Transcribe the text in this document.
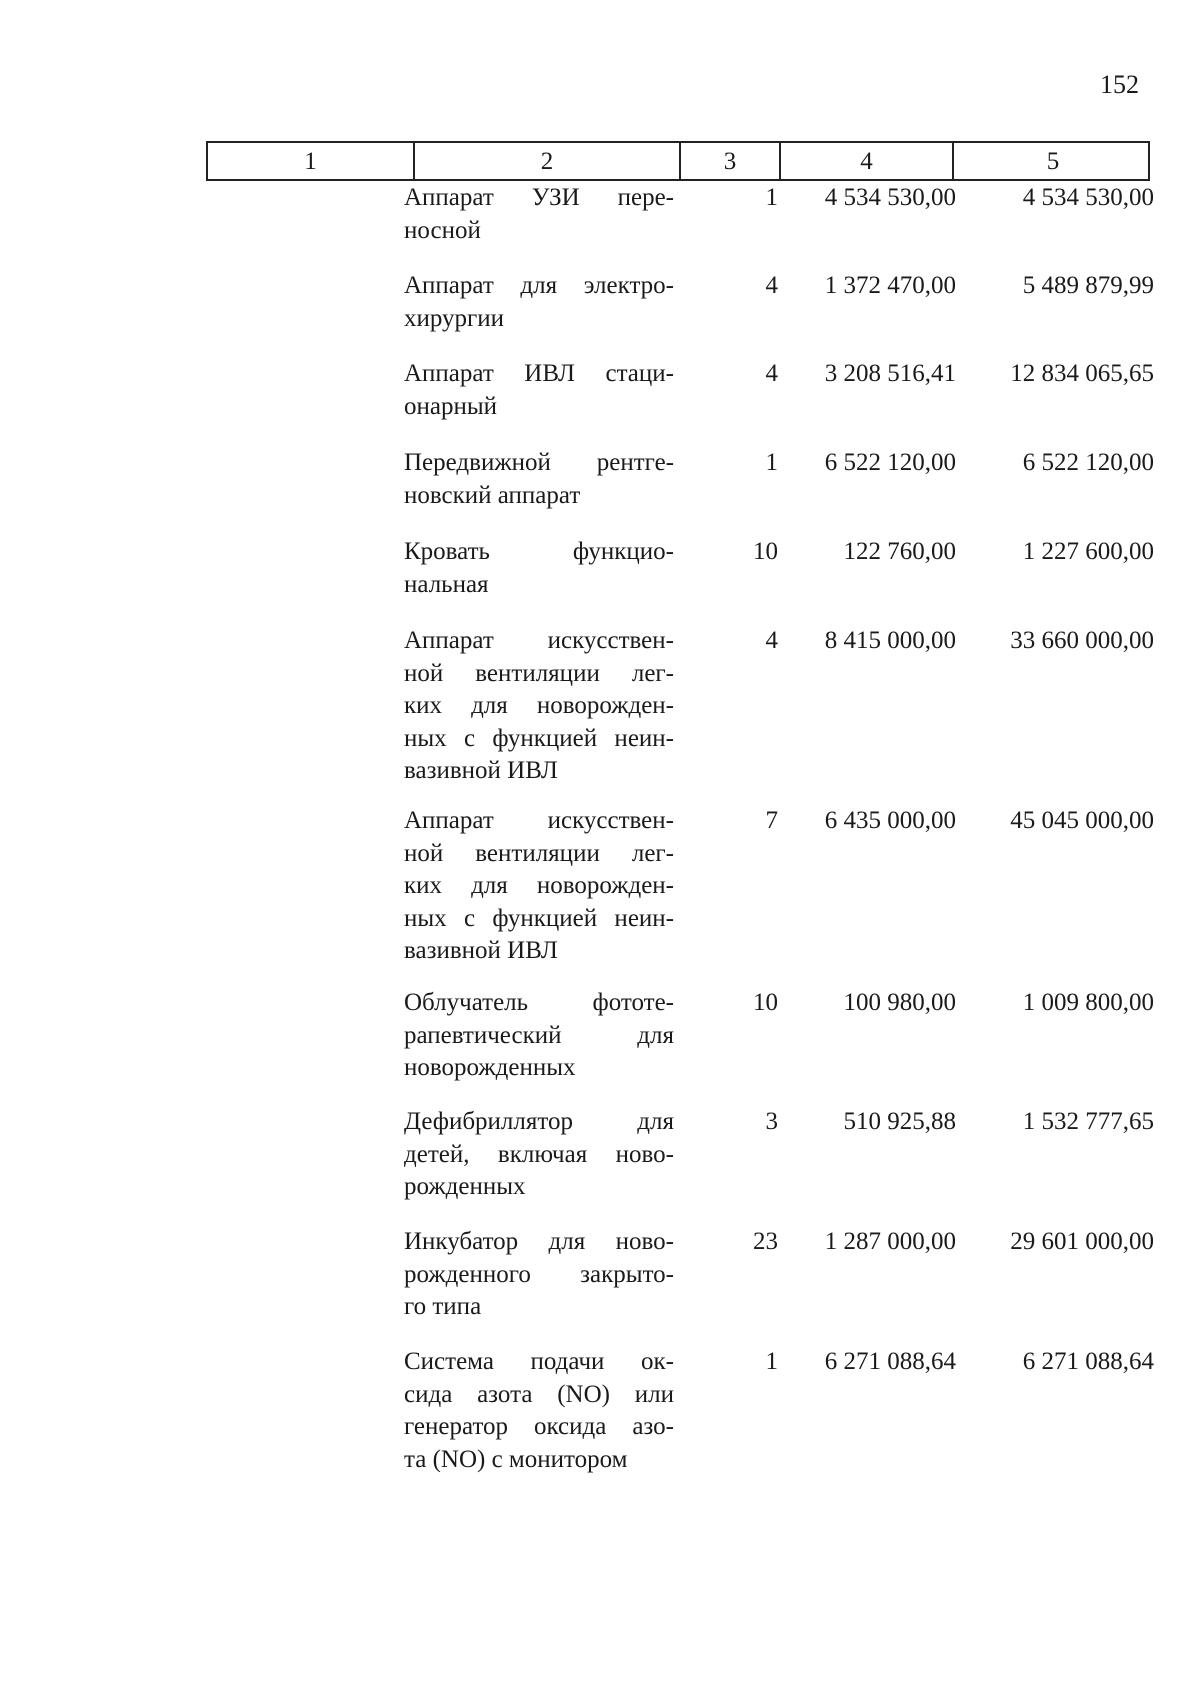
152
1	2	3	4	5
Аппарат УЗИ пере-
носной
1	4 534 530,00	4 534 530,00
Аппарат для электро-
хирургии
4	1 372 470,00	5 489 879,99
Аппарат ИВЛ стаци-
онарный
4	3 208 516,41	12 834 065,65
Передвижной рентге-
новский аппарат
1	6 522 120,00	6 522 120,00
Кровать функцио-
нальная
10	122 760,00	1 227 600,00
Аппарат искусствен-
ной вентиляции лег-
ких для новорожден-
ных с функцией неин-
вазивной ИВЛ
4	8 415 000,00	33 660 000,00
Аппарат искусствен-
ной вентиляции лег-
ких для новорожден-
ных с функцией неин-
вазивной ИВЛ
7	6 435 000,00	45 045 000,00
Облучатель фототе-
рапевтический для
новорожденных
10	100 980,00	1 009 800,00
Дефибриллятор для
детей, включая ново-
рожденных
3	510 925,88	1 532 777,65
Инкубатор для ново-
рожденного закрыто-
го типа
23	1 287 000,00	29 601 000,00
Система подачи ок-
сида азота (NO) или
генератор оксида азо-
та (NO) с монитором
1	6 271 088,64	6 271 088,64
